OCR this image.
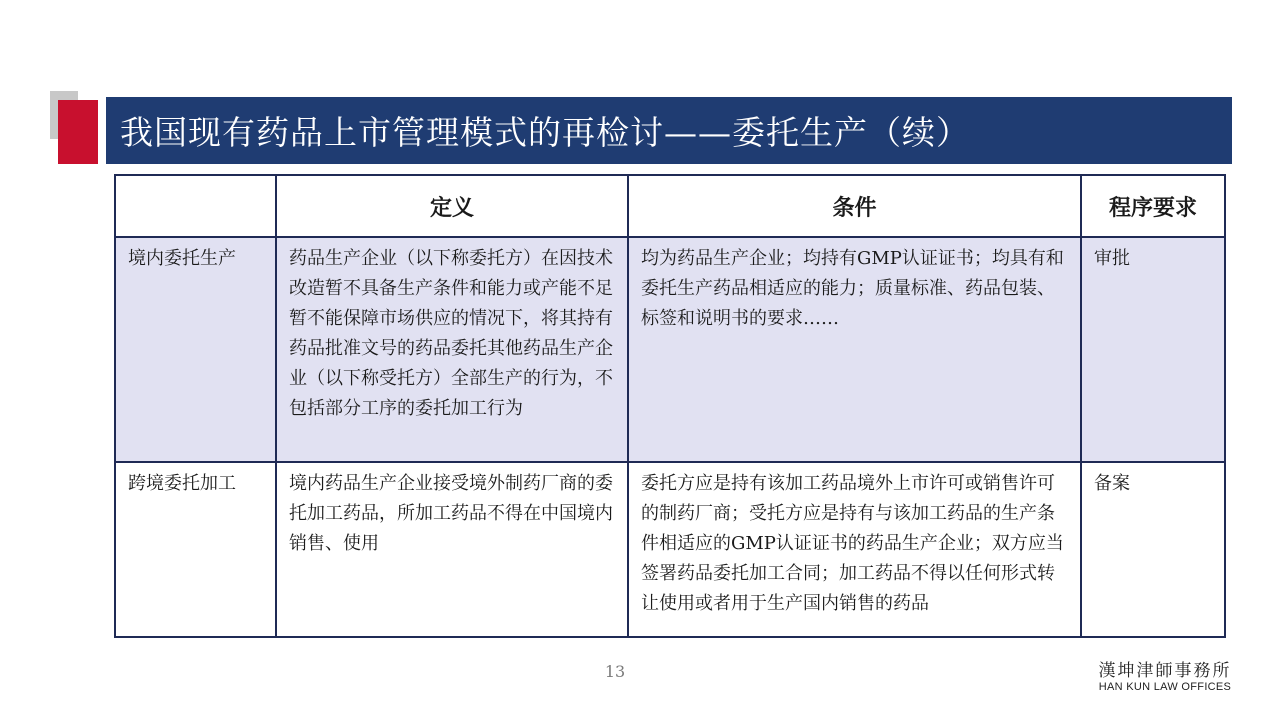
我国现有药品上市管理模式的再检讨——委托生产（续）
	定义	条件	程序要求

境内委托生产	药品生产企业（以下称委托方）在因技术改造暂不具备生产条件和能力或产能不足暂不能保障市场供应的情况下，将其持有药品批准文号的药品委托其他药品生产企业（以下称受托方）全部生产的行为，不包括部分工序的委托加工行为	均为药品生产企业；均持有GMP认证证书；均具有和委托生产药品相适应的能力；质量标准、药品包装、标签和说明书的要求……	审批

跨境委托加工	境内药品生产企业接受境外制药厂商的委托加工药品，所加工药品不得在中国境内销售、使用	委托方应是持有该加工药品境外上市许可或销售许可的制药厂商；受托方应是持有与该加工药品的生产条件相适应的GMP认证证书的药品生产企业；双方应当签署药品委托加工合同；加工药品不得以任何形式转让使用或者用于生产国内销售的药品	备案
13	漢坤津師事務所
HAN KUN LAW OFFICES
